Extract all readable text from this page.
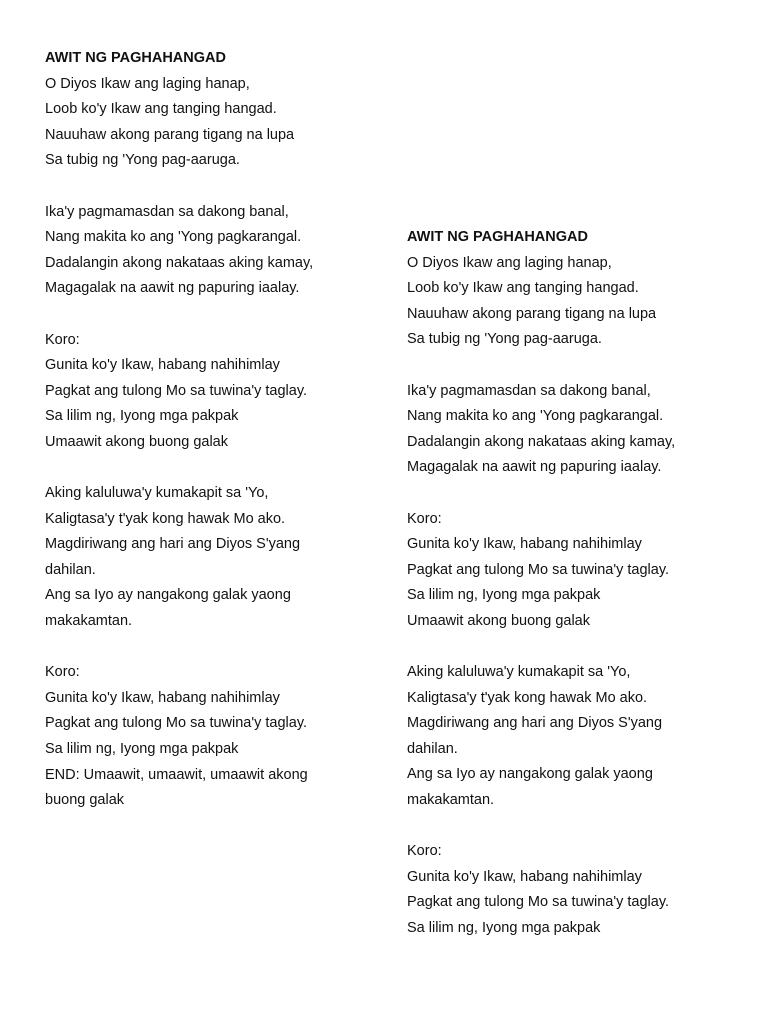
AWIT NG PAGHAHANGAD
O Diyos Ikaw ang laging hanap,
Loob ko'y Ikaw ang tanging hangad.
Nauuhaw akong parang tigang na lupa
Sa tubig ng 'Yong pag-aaruga.
Ika'y pagmamasdan sa dakong banal,
Nang makita ko ang 'Yong pagkarangal.
Dadalangin akong nakataas aking kamay,
Magagalak na aawit ng papuring iaalay.
Koro:
Gunita ko'y Ikaw, habang nahihimlay
Pagkat ang tulong Mo sa tuwina'y taglay.
Sa lilim ng, Iyong mga pakpak
Umaawit akong buong galak
Aking kaluluwa'y kumakapit sa 'Yo,
Kaligtasa'y t'yak kong hawak Mo ako.
Magdiriwang ang hari ang Diyos S'yang
dahilan.
Ang sa Iyo ay nangakong galak yaong
makakamtan.
Koro:
Gunita ko'y Ikaw, habang nahihimlay
Pagkat ang tulong Mo sa tuwina'y taglay.
Sa lilim ng, Iyong mga pakpak
END: Umaawit, umaawit, umaawit akong
buong galak
AWIT NG PAGHAHANGAD
O Diyos Ikaw ang laging hanap,
Loob ko'y Ikaw ang tanging hangad.
Nauuhaw akong parang tigang na lupa
Sa tubig ng 'Yong pag-aaruga.
Ika'y pagmamasdan sa dakong banal,
Nang makita ko ang 'Yong pagkarangal.
Dadalangin akong nakataas aking kamay,
Magagalak na aawit ng papuring iaalay.
Koro:
Gunita ko'y Ikaw, habang nahihimlay
Pagkat ang tulong Mo sa tuwina'y taglay.
Sa lilim ng, Iyong mga pakpak
Umaawit akong buong galak
Aking kaluluwa'y kumakapit sa 'Yo,
Kaligtasa'y t'yak kong hawak Mo ako.
Magdiriwang ang hari ang Diyos S'yang
dahilan.
Ang sa Iyo ay nangakong galak yaong
makakamtan.
Koro:
Gunita ko'y Ikaw, habang nahihimlay
Pagkat ang tulong Mo sa tuwina'y taglay.
Sa lilim ng, Iyong mga pakpak
